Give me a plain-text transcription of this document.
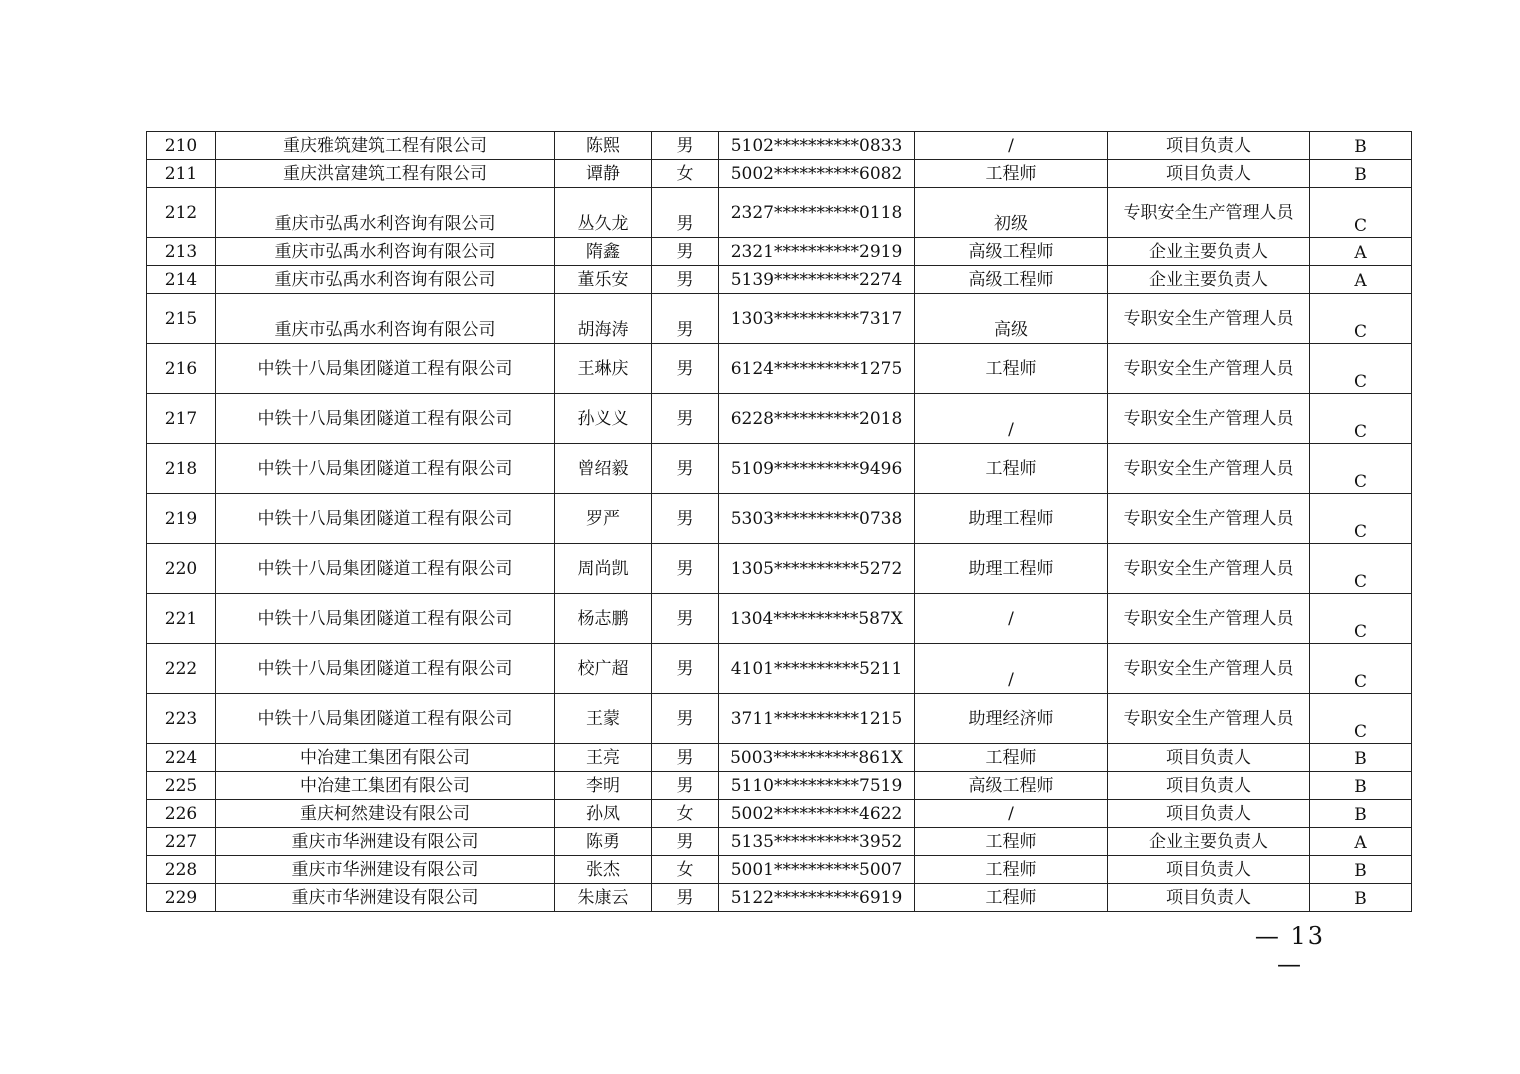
210	重庆雅筑建筑工程有限公司	陈熙	男	5102**********0833	/	项目负责人	B
211	重庆洪富建筑工程有限公司	谭静	女	5002**********6082	工程师	项目负责人	B
212	重庆市弘禹水利咨询有限公司	丛久龙	男	2327**********0118	初级	专职安全生产管理人员	C
213	重庆市弘禹水利咨询有限公司	隋鑫	男	2321**********2919	高级工程师	企业主要负责人	A
214	重庆市弘禹水利咨询有限公司	董乐安	男	5139**********2274	高级工程师	企业主要负责人	A
215	重庆市弘禹水利咨询有限公司	胡海涛	男	1303**********7317	高级	专职安全生产管理人员	C
216	中铁十八局集团隧道工程有限公司	王琳庆	男	6124**********1275	工程师	专职安全生产管理人员	C
217	中铁十八局集团隧道工程有限公司	孙义义	男	6228**********2018	/	专职安全生产管理人员	C
218	中铁十八局集团隧道工程有限公司	曾绍毅	男	5109**********9496	工程师	专职安全生产管理人员	C
219	中铁十八局集团隧道工程有限公司	罗严	男	5303**********0738	助理工程师	专职安全生产管理人员	C
220	中铁十八局集团隧道工程有限公司	周尚凯	男	1305**********5272	助理工程师	专职安全生产管理人员	C
221	中铁十八局集团隧道工程有限公司	杨志鹏	男	1304**********587X	/	专职安全生产管理人员	C
222	中铁十八局集团隧道工程有限公司	校广超	男	4101**********5211	/	专职安全生产管理人员	C
223	中铁十八局集团隧道工程有限公司	王蒙	男	3711**********1215	助理经济师	专职安全生产管理人员	C
224	中冶建工集团有限公司	王亮	男	5003**********861X	工程师	项目负责人	B
225	中冶建工集团有限公司	李明	男	5110**********7519	高级工程师	项目负责人	B
226	重庆柯然建设有限公司	孙凤	女	5002**********4622	/	项目负责人	B
227	重庆市华洲建设有限公司	陈勇	男	5135**********3952	工程师	企业主要负责人	A
228	重庆市华洲建设有限公司	张杰	女	5001**********5007	工程师	项目负责人	B
229	重庆市华洲建设有限公司	朱康云	男	5122**********6919	工程师	项目负责人	B
— 13 —
